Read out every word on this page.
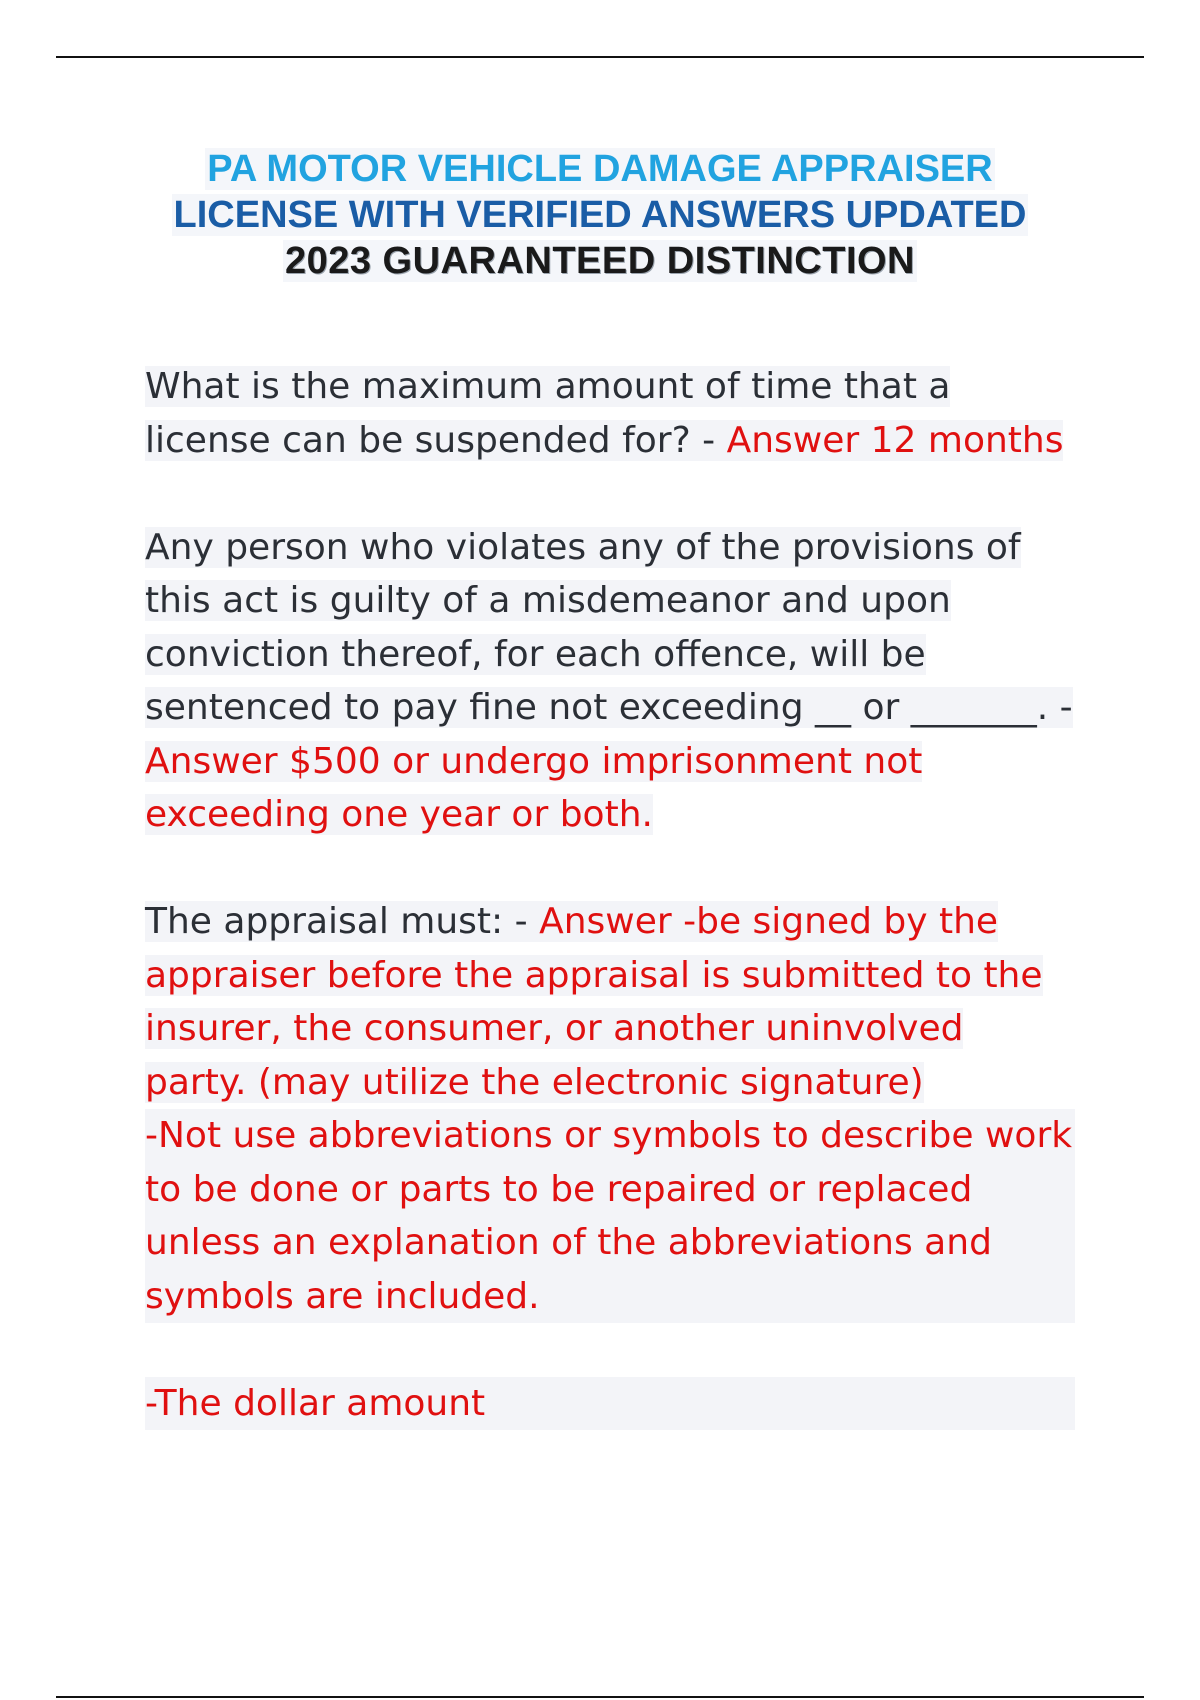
PA MOTOR VEHICLE DAMAGE APPRAISER
LICENSE WITH VERIFIED ANSWERS UPDATED
2023 GUARANTEED DISTINCTION

What is the maximum amount of time that a license can be suspended for? - Answer 12 months

Any person who violates any of the provisions of this act is guilty of a misdemeanor and upon conviction thereof, for each offence, will be sentenced to pay fine not exceeding __ or _______. - Answer $500 or undergo imprisonment not exceeding one year or both.

The appraisal must: - Answer -be signed by the appraiser before the appraisal is submitted to the insurer, the consumer, or another uninvolved party. (may utilize the electronic signature)

-Not use abbreviations or symbols to describe work to be done or parts to be repaired or replaced unless an explanation of the abbreviations and symbols are included.

-The dollar amount
